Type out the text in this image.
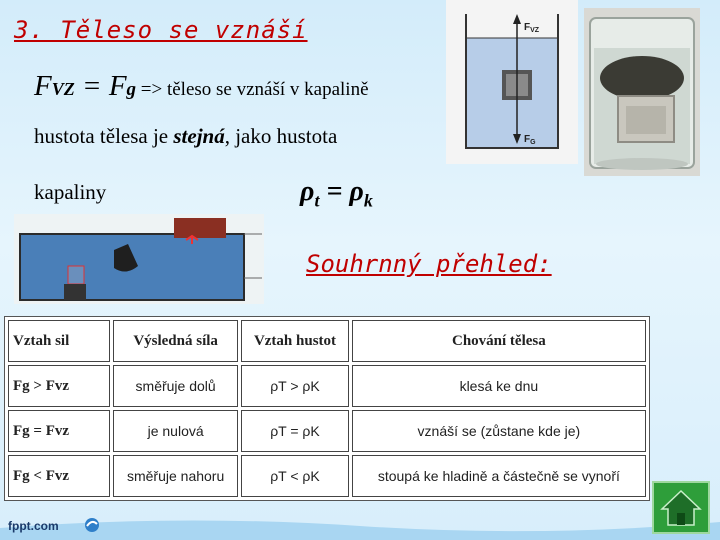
3. Těleso se vznáší
FVZ = Fg => těleso se vznáší v kapalině
hustota tělesa je stejná, jako hustota
kapaliny	$\rho_t = \rho_k$
$F_{VZ}$
$F_G$
Souhrnný přehled:
Vztah sil	Výsledná síla	Vztah hustot	Chování tělesa
Fg > Fvz	směřuje dolů	ρT > ρK	klesá ke dnu
Fg = Fvz	je nulová	ρT = ρK	vznáší se (zůstane kde je)
Fg < Fvz	směřuje nahoru	ρT < ρK	stoupá ke hladině a částečně se vynoří
fppt.com
